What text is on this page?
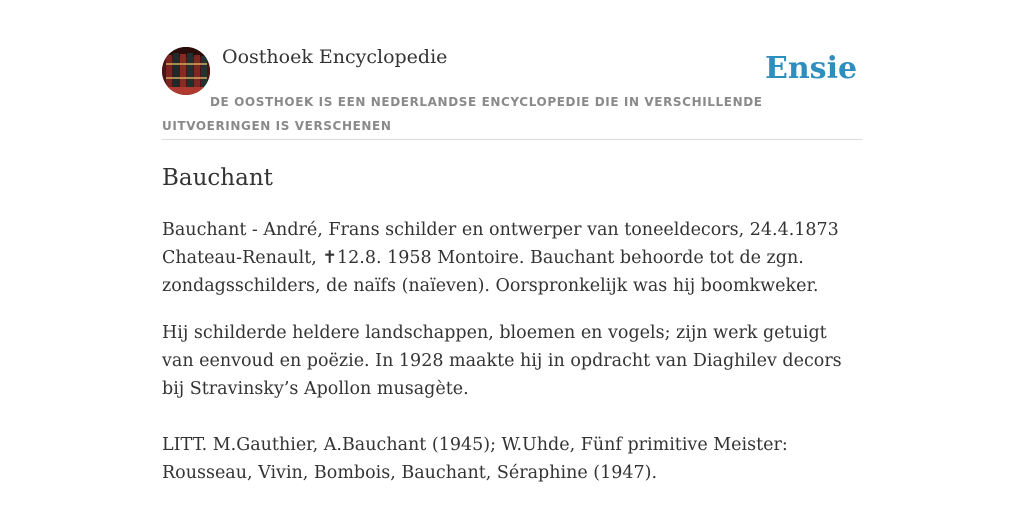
Oosthoek Encyclopedie	Ensie
DE OOSTHOEK IS EEN NEDERLANDSE ENCYCLOPEDIE DIE IN VERSCHILLENDE UITVOERINGEN IS VERSCHENEN
Bauchant

Bauchant - André, Frans schilder en ontwerper van toneeldecors, 24.4.1873 Chateau-Renault, ✝12.8. 1958 Montoire. Bauchant behoorde tot de zgn. zondagsschilders, de naïfs (naïeven). Oorspronkelijk was hij boomkweker.

Hij schilderde heldere landschappen, bloemen en vogels; zijn werk getuigt van eenvoud en poëzie. In 1928 maakte hij in opdracht van Diaghilev decors bij Stravinsky’s Apollon musagète.

LITT. M.Gauthier, A.Bauchant (1945); W.Uhde, Fünf primitive Meister: Rousseau, Vivin, Bombois, Bauchant, Séraphine (1947).
